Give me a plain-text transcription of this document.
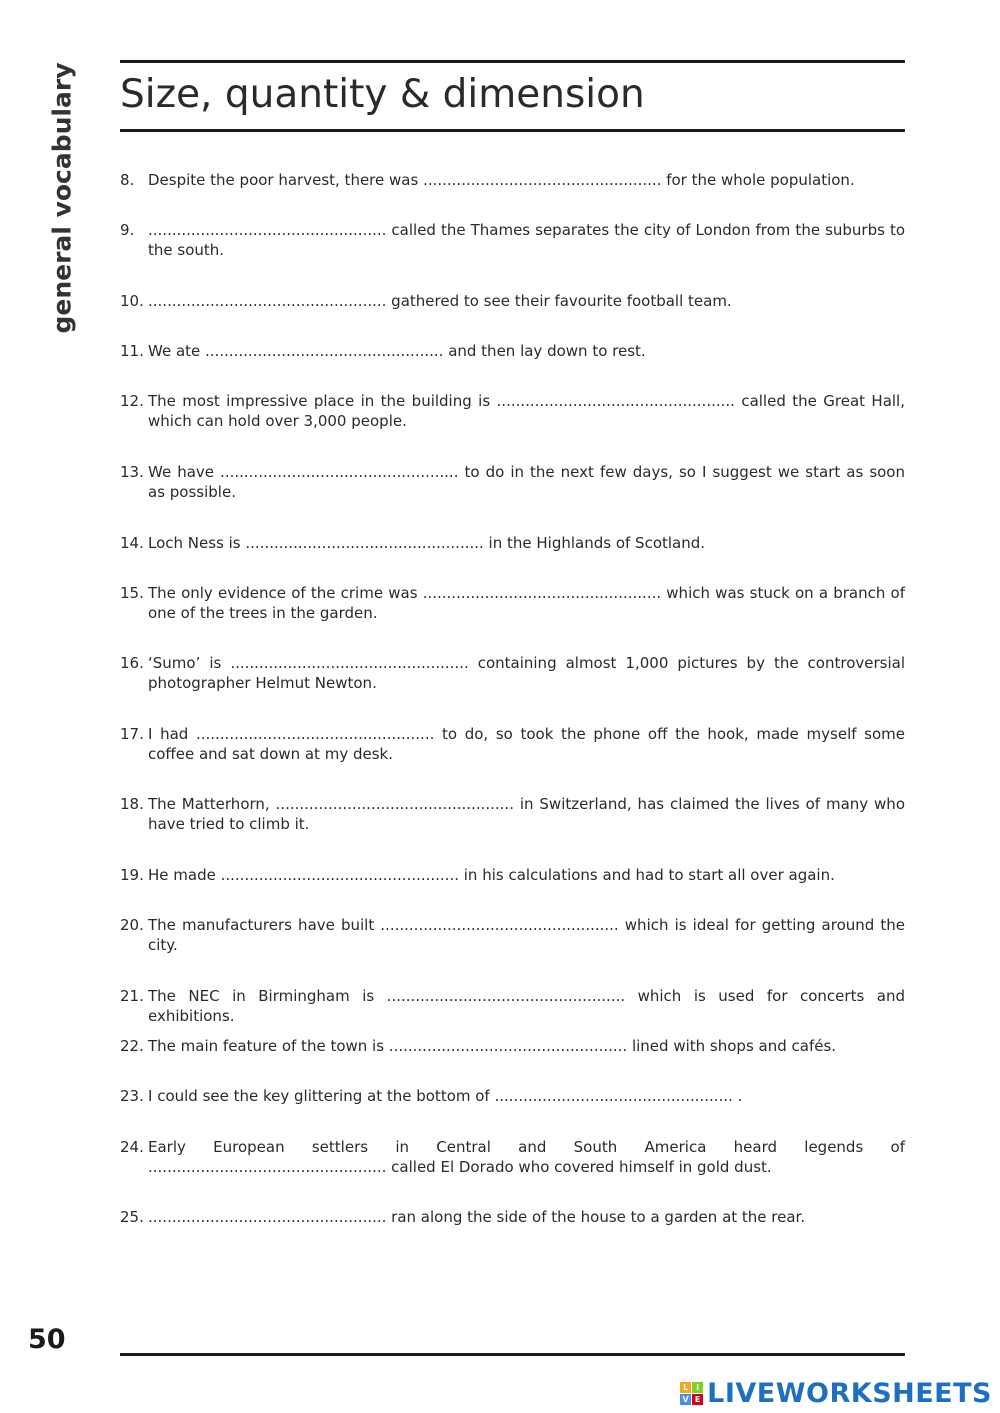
general vocabulary Size, quantity & dimension
8. Despite the poor harvest, there was .................................................. for the whole population.
9. .................................................. called the Thames separates the city of London from the suburbs to the south.
10. .................................................. gathered to see their favourite football team.
11. We ate .................................................. and then lay down to rest.
12. The most impressive place in the building is .................................................. called the Great Hall, which can hold over 3,000 people.
13. We have .................................................. to do in the next few days, so I suggest we start as soon as possible.
14. Loch Ness is .................................................. in the Highlands of Scotland.
15. The only evidence of the crime was .................................................. which was stuck on a branch of one of the trees in the garden.
16. ‘Sumo’ is .................................................. containing almost 1,000 pictures by the controversial photographer Helmut Newton.
17. I had .................................................. to do, so took the phone off the hook, made myself some coffee and sat down at my desk.
18. The Matterhorn, .................................................. in Switzerland, has claimed the lives of many who have tried to climb it.
19. He made .................................................. in his calculations and had to start all over again.
20. The manufacturers have built .................................................. which is ideal for getting around the city.
21. The NEC in Birmingham is .................................................. which is used for concerts and exhibitions.
22. The main feature of the town is .................................................. lined with shops and cafés.
23. I could see the key glittering at the bottom of .................................................. .
24. Early European settlers in Central and South America heard legends of .................................................. called El Dorado who covered himself in gold dust.
25. .................................................. ran along the side of the house to a garden at the rear.
50
L I
V E LIVEWORKSHEETS
